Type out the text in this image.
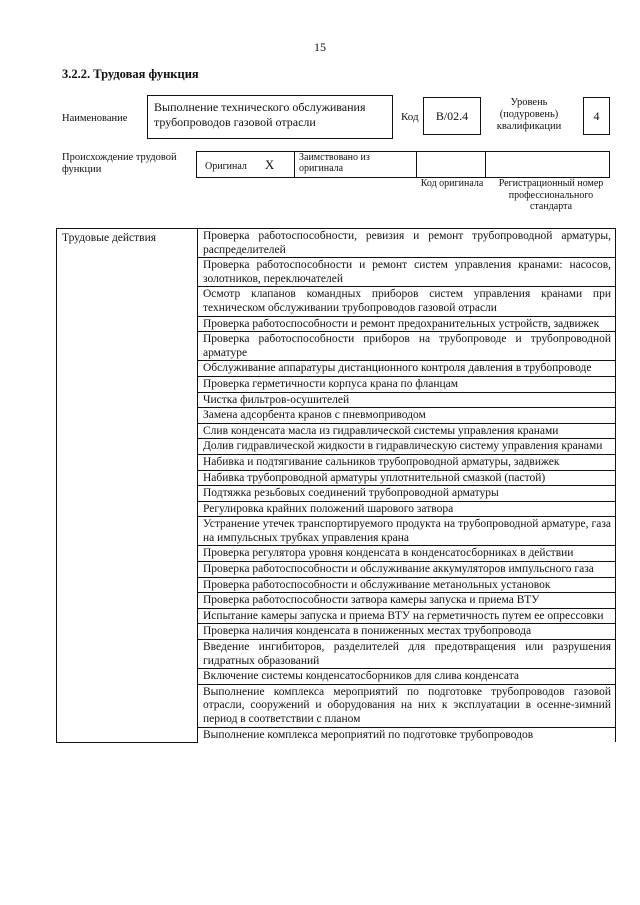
15
3.2.2. Трудовая функция
Наименование
Выполнение технического обслуживания трубопроводов газовой отрасли	Код	B/02.4
Уровень (подуровень) квалификации
4
Происхождение трудовой функции	Оригинал X	Заимствовано из оригинала		
Код оригинала	Регистрационный номер профессионального стандарта
Трудовые действия	Проверка работоспособности, ревизия и ремонт трубопроводной арматуры, распределителей
Проверка работоспособности и ремонт систем управления кранами: насосов, золотников, переключателей
Осмотр клапанов командных приборов систем управления кранами при техническом обслуживании трубопроводов газовой отрасли
Проверка работоспособности и ремонт предохранительных устройств, задвижек
Проверка работоспособности приборов на трубопроводе и трубопроводной арматуре
Обслуживание аппаратуры дистанционного контроля давления в трубопроводе
Проверка герметичности корпуса крана по фланцам
Чистка фильтров-осушителей
Замена адсорбента кранов с пневмоприводом
Слив конденсата масла из гидравлической системы управления кранами
Долив гидравлической жидкости в гидравлическую систему управления кранами
Набивка и подтягивание сальников трубопроводной арматуры, задвижек
Набивка трубопроводной арматуры уплотнительной смазкой (пастой)
Подтяжка резьбовых соединений трубопроводной арматуры
Регулировка крайних положений шарового затвора
Устранение утечек транспортируемого продукта на трубопроводной арматуре, газа на импульсных трубках управления крана
Проверка регулятора уровня конденсата в конденсатосборниках в действии
Проверка работоспособности и обслуживание аккумуляторов импульсного газа
Проверка работоспособности и обслуживание метанольных установок
Проверка работоспособности затвора камеры запуска и приема ВТУ
Испытание камеры запуска и приема ВТУ на герметичность путем ее опрессовки
Проверка наличия конденсата в пониженных местах трубопровода
Введение ингибиторов, разделителей для предотвращения или разрушения гидратных образований
Включение системы конденсатосборников для слива конденсата
Выполнение комплекса мероприятий по подготовке трубопроводов газовой отрасли, сооружений и оборудования на них к эксплуатации в осенне-зимний период в соответствии с планом
Выполнение комплекса мероприятий по подготовке трубопроводов
